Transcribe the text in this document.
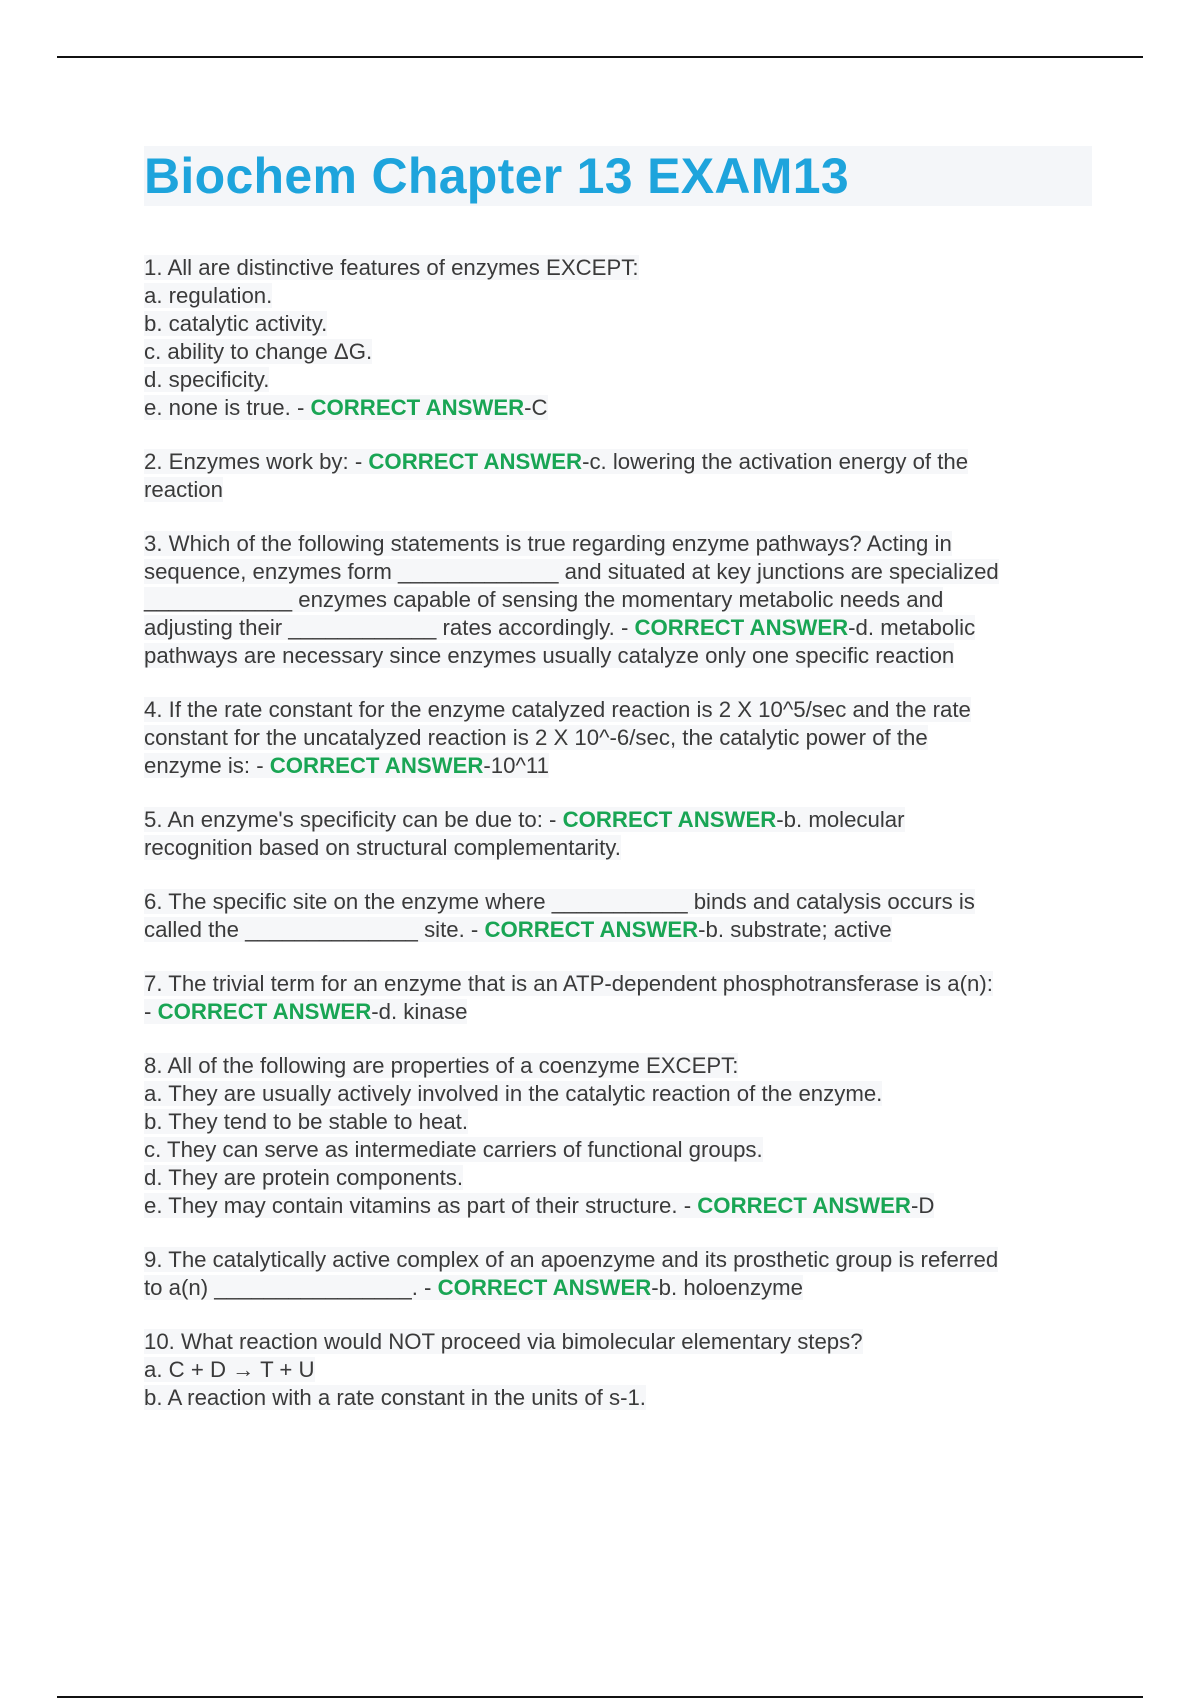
Biochem Chapter 13 EXAM13
1. All are distinctive features of enzymes EXCEPT:
a. regulation.
b. catalytic activity.
c. ability to change ΔG.
d. specificity.
e. none is true. - CORRECT ANSWER-C
2. Enzymes work by: - CORRECT ANSWER-c. lowering the activation energy of the
reaction
3. Which of the following statements is true regarding enzyme pathways? Acting in
sequence, enzymes form _____________ and situated at key junctions are specialized
____________ enzymes capable of sensing the momentary metabolic needs and
adjusting their ____________ rates accordingly. - CORRECT ANSWER-d. metabolic
pathways are necessary since enzymes usually catalyze only one specific reaction
4. If the rate constant for the enzyme catalyzed reaction is 2 X 10^5/sec and the rate
constant for the uncatalyzed reaction is 2 X 10^-6/sec, the catalytic power of the
enzyme is: - CORRECT ANSWER-10^11
5. An enzyme's specificity can be due to: - CORRECT ANSWER-b. molecular
recognition based on structural complementarity.
6. The specific site on the enzyme where ___________ binds and catalysis occurs is
called the ______________ site. - CORRECT ANSWER-b. substrate; active
7. The trivial term for an enzyme that is an ATP-dependent phosphotransferase is a(n):
- CORRECT ANSWER-d. kinase
8. All of the following are properties of a coenzyme EXCEPT:
a. They are usually actively involved in the catalytic reaction of the enzyme.
b. They tend to be stable to heat.
c. They can serve as intermediate carriers of functional groups.
d. They are protein components.
e. They may contain vitamins as part of their structure. - CORRECT ANSWER-D
9. The catalytically active complex of an apoenzyme and its prosthetic group is referred
to a(n) ________________. - CORRECT ANSWER-b. holoenzyme
10. What reaction would NOT proceed via bimolecular elementary steps?
a. C + D → T + U
b. A reaction with a rate constant in the units of s-1.
